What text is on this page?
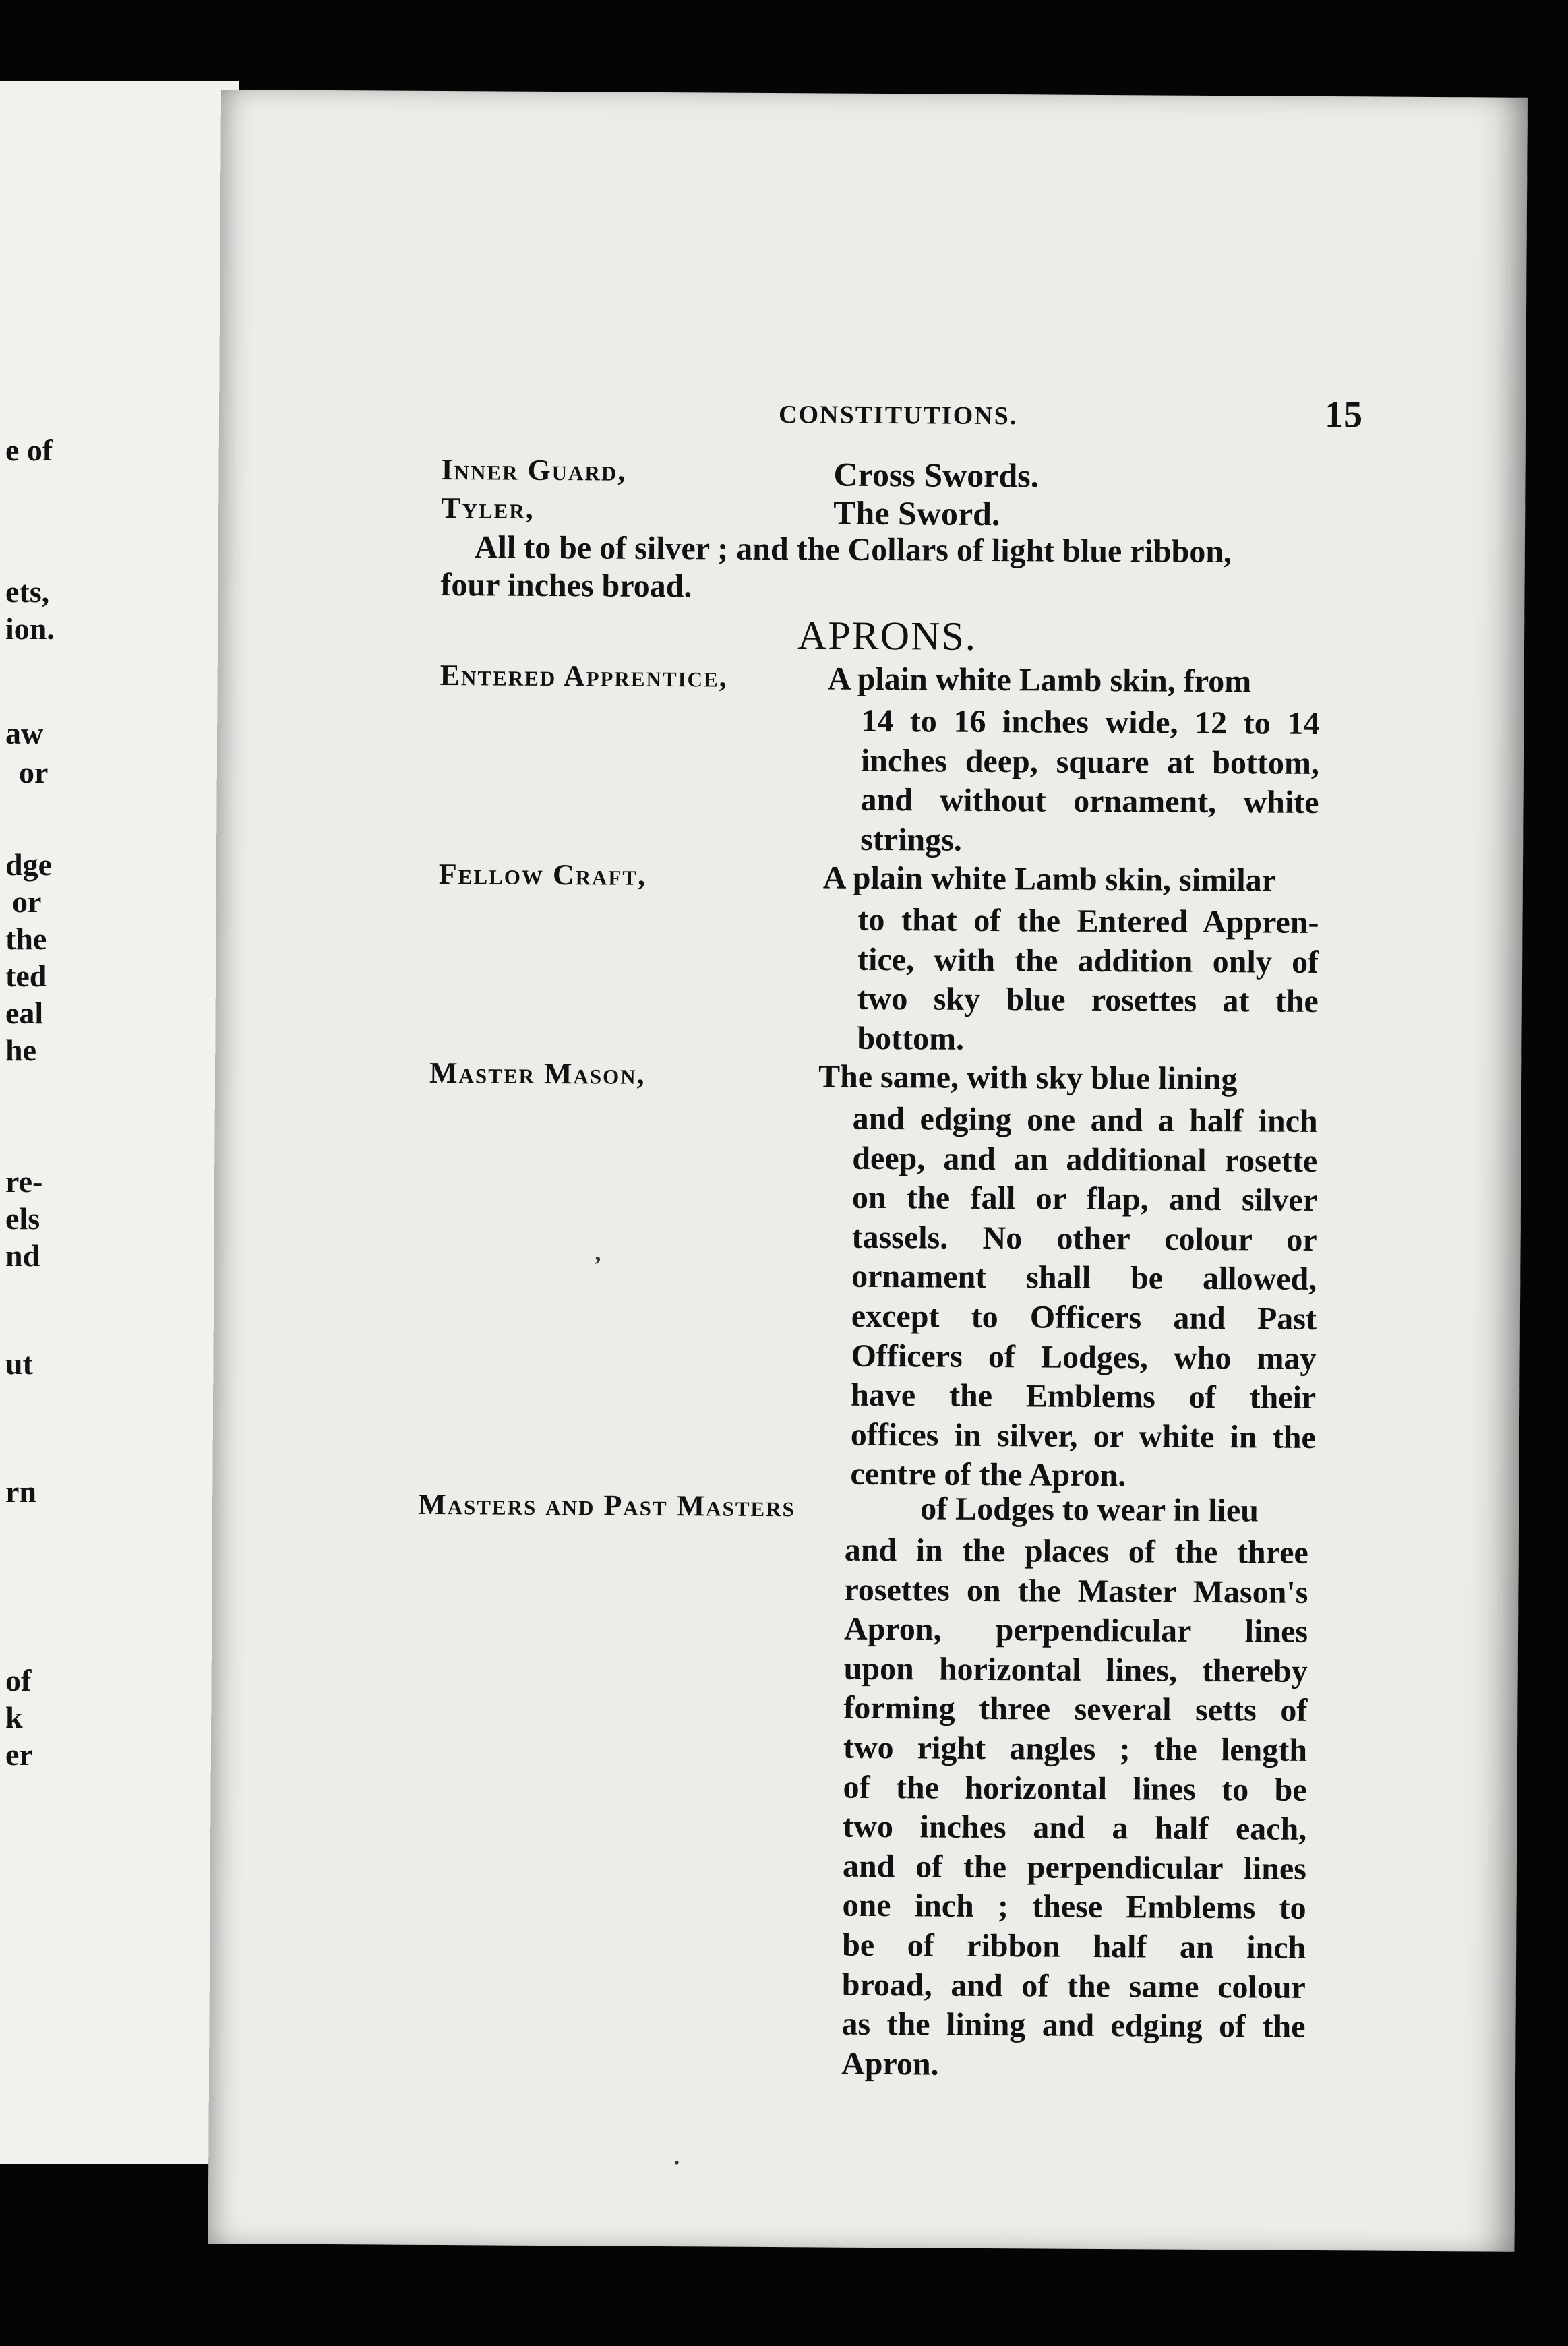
e of
ets,
ion.
aw
or
dge
or
the
ted
eal
he
re-
els
nd
ut
rn
of
k
er
CONSTITUTIONS.	15
Inner Guard,	Cross Swords.
Tyler,	The Sword.
All to be of silver ; and the Collars of light blue ribbon,
four inches broad.
APRONS.
Entered Apprentice,	A plain white Lamb skin, from
14 to 16 inches wide, 12 to 14
inches deep, square at bottom,
and without ornament, white
strings.
Fellow Craft,	A plain white Lamb skin, similar
to that of the Entered Appren-
tice, with the addition only of
two sky blue rosettes at the
bottom.
Master Mason,	The same, with sky blue lining
and edging one and a half inch
deep, and an additional rosette
on the fall or flap, and silver
tassels. No other colour or
ornament shall be allowed,
except to Officers and Past
Officers of Lodges, who may
have the Emblems of their
offices in silver, or white in the
centre of the Apron.
Masters and Past Masters	of Lodges to wear in lieu
and in the places of the three
rosettes on the Master Mason's
Apron, perpendicular lines
upon horizontal lines, thereby
forming three several setts of
two right angles ; the length
of the horizontal lines to be
two inches and a half each,
and of the perpendicular lines
one inch ; these Emblems to
be of ribbon half an inch
broad, and of the same colour
as the lining and edging of the
Apron.
,
.
